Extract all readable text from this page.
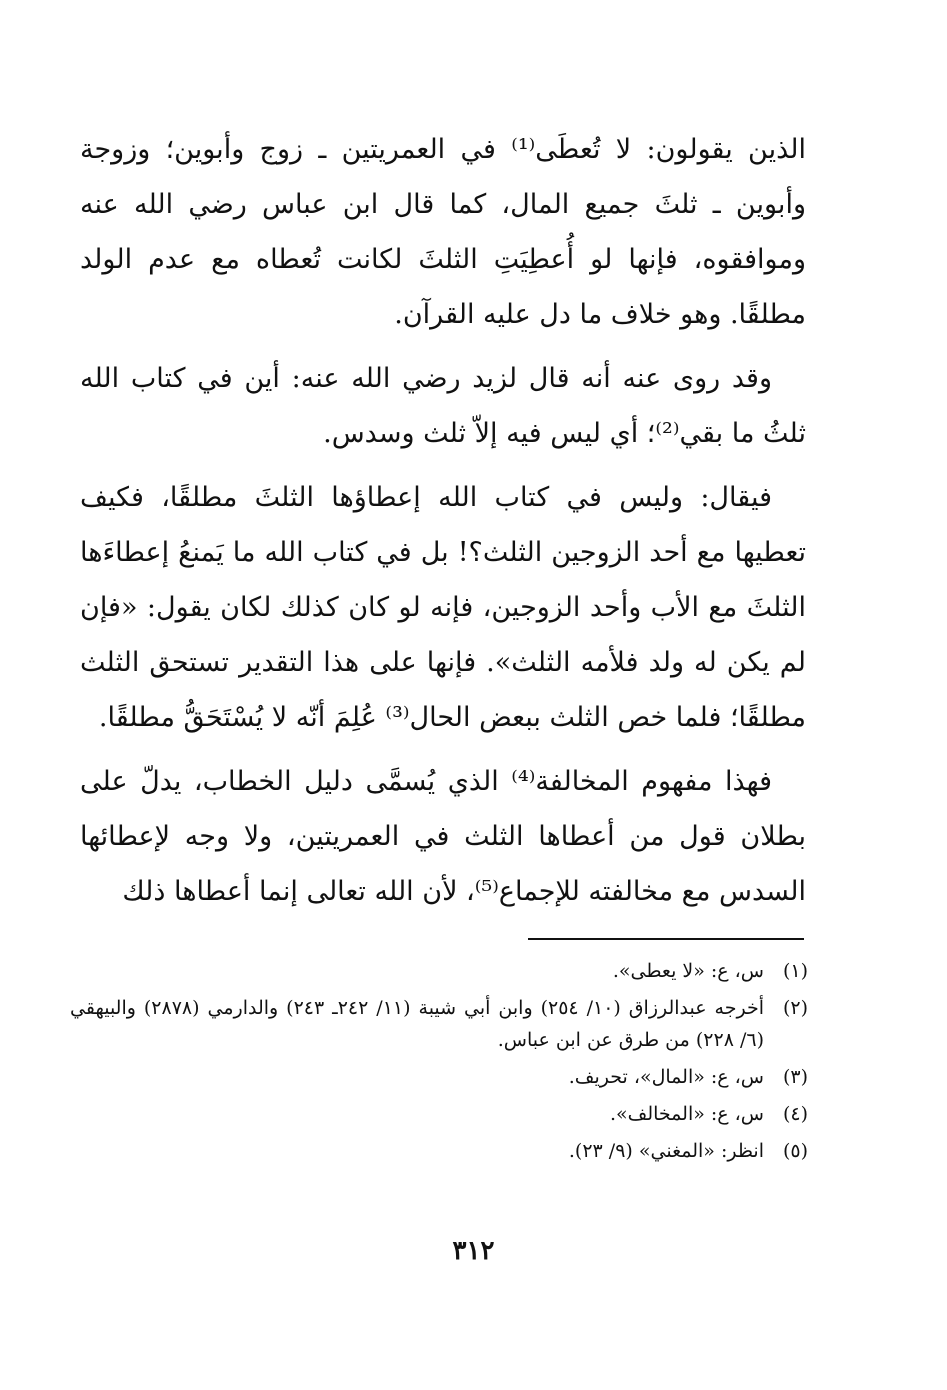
الذين يقولون: لا تُعطَى⁽¹⁾ في العمريتين ـ زوج وأبوين؛ وزوجة وأبوين ـ ثلثَ جميع المال، كما قال ابن عباس رضي الله عنه وموافقوه، فإنها لو أُعطِيَتِ الثلثَ لكانت تُعطاه مع عدم الولد مطلقًا. وهو خلاف ما دل عليه القرآن.

وقد روى عنه أنه قال لزيد رضي الله عنه: أين في كتاب الله ثلثُ ما بقي⁽²⁾؛ أي ليس فيه إلاّ ثلث وسدس.

فيقال: وليس في كتاب الله إعطاؤها الثلثَ مطلقًا، فكيف تعطيها مع أحد الزوجين الثلث؟! بل في كتاب الله ما يَمنعُ إعطاءَها الثلثَ مع الأب وأحد الزوجين، فإنه لو كان كذلك لكان يقول: «فإن لم يكن له ولد فلأمه الثلث». فإنها على هذا التقدير تستحق الثلث مطلقًا؛ فلما خص الثلث ببعض الحال⁽³⁾ عُلِمَ أنّه لا يُسْتَحَقُّ مطلقًا.

فهذا مفهوم المخالفة⁽⁴⁾ الذي يُسمَّى دليل الخطاب، يدلّ على بطلان قول من أعطاها الثلث في العمريتين، ولا وجه لإعطائها السدس مع مخالفته للإجماع⁽⁵⁾، لأن الله تعالى إنما أعطاها ذلك

(١)
س، ع: «لا يعطى».
(٢)
أخرجه عبدالرزاق (١٠/ ٢٥٤) وابن أبي شيبة (١١/ ٢٤٢ـ ٢٤٣) والدارمي (٢٨٧٨) والبيهقي (٦/ ٢٢٨) من طرق عن ابن عباس.
(٣)
س، ع: «المال»، تحريف.
(٤)
س، ع: «المخالف».
(٥)
انظر: «المغني» (٩/ ٢٣).
٣١٢
